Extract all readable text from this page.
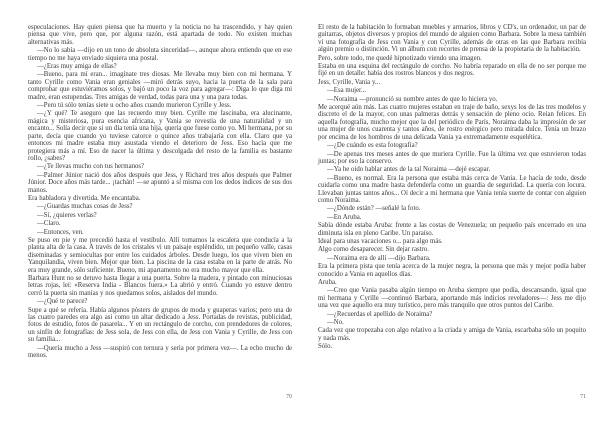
especulaciones. Hay quien piensa que ha muerto y la noticia no ha trascendido, y hay quien piensa que vive, pero que, por alguna razón, está apartada de todo. No existen muchas alternativas más.

—No lo sabía —dijo en un tono de absoluta sinceridad—, aunque ahora entiendo que en ese tiempo no me haya enviado siquiera una postal.

—¿Eras muy amiga de ellas?

—Bueno, para mí eran... imagínate tres diosas. Me llevaba muy bien con mi hermana. Y tanto Cyrille como Vania eran geniales —miró detrás suyo, hacia la puerta de la sala para comprobar que estuviéramos solos, y bajó un poco la voz para agregar—: Diga lo que diga mi madre, eran estupendas. Tres amigas de verdad, todas para una y una para todas.

—Pero tú sólo tenías siete u ocho años cuando murieron Cyrille y Jess.

—¿Y qué? Te aseguro que las recuerdo muy bien. Cyrille me fascinaba, era alucinante, mágica y misteriosa, pura esencia africana, y Vania se revestía de una naturalidad y un encanto... Solía decir que si un día tenía una hija, quería que fuese como yo. Mi hermana, por su parte, decía que cuando yo tuviese catorce o quince años trabajaría con ella. Claro que ya entonces mi madre estaba muy asustada viendo el deterioro de Jess. Eso hacía que me protegiera más a mí. Eso de nacer la última y descolgada del resto de la familia es bastante rollo, ¿sabes?

—¿Te llevas mucho con tus hermanos?

—Palmer Júnior nació dos años después que Jess, y Richard tres años después que Palmer Júnior. Doce años más tarde... ¡tachán! —se apuntó a sí misma con los dedos índices de sus dos manos.

Era habladora y divertida. Me encantaba.

—¿Guardas muchas cosas de Jess?

—Sí, ¿quieres verlas?

—Claro.

—Entonces, ven.

Se puso en pie y me precedió hasta el vestíbulo. Allí tomamos la escalera que conducía a la planta alta de la casa. A través de los cristales vi un paisaje espléndido, un pequeño valle, casas diseminadas y semiocultas por entre los cuidados árboles. Desde luego, los que viven bien en Yanquilandia, viven bien. Mejor que bien. La piscina de la casa estaba en la parte de atrás. No era muy grande, sólo suficiente. Bueno, mi apartamento no era mucho mayor que ella.

Barbara Hunt no se detuvo hasta llegar a una puerta. Sobre la madera, y pintado con minuciosas letras rojas, leí: «Reserva India - Blancos fuera.» La abrió y entró. Cuando yo estuve dentro cerró la puerta sin manías y nos quedamos solos, aislados del mundo.

—¿Qué te parece?

Supe a qué se refería. Había algunos pósters de grupos de moda y guaperas varios; pero una de las cuatro paredes era algo así como un altar dedicado a Jess. Portadas de revistas, publicidad, fotos de estudio, fotos de pasarela... Y en un rectángulo de corcho, con prendedores de colores, un sinfín de fotografías: de Jess sola, de Jess con ella, de Jess con Vania y Cyrille, de Jess con su familia...

—Quería mucho a Jess —suspiró con ternura y seria por primera vez—. La echo mucho de menos.

El resto de la habitación lo formaban muebles y armarios, libros y CD's, un ordenador, un par de guitarras, objetos diversos y propios del mundo de alguien como Barbara. Sobre la mesa también vi una fotografía de Jess con Vania y con Cyrille, además de otras en las que Barbara recibía algún premio o distinción. Vi un álbum con recortes de prensa de la propietaria de la habitación.

Pero, sobre todo, me quedé hipnotizado viendo una imagen.

Estaba en una esquina del rectángulo de corcho. No habría reparado en ella de no ser porque me fijé en un detalle: había dos rostros blancos y dos negros.

Jess, Cyrille, Vania y...

—Esa mujer...

—Noraima —pronunció su nombre antes de que lo hiciera yo.

Me acerqué aún más. Las cuatro mujeres estaban en traje de baño, sexys los de las tres modelos y discreto el de la mayor, con unas palmeras detrás y sensación de pleno ocio. Reían felices. En aquella fotografía, mucho mejor que la del periódico de París, Noraima daba la impresión de ser una mujer de unos cuarenta y tantos años, de rostro enérgico pero mirada dulce. Tenía un brazo por encima de los hombros de una delicada Vania ya extremadamente esquelética.

—¿De cuándo es esta fotografía?

—De apenas tres meses antes de que muriera Cyrille. Fue la última vez que estuvieron todas juntas; por eso la conservo.

—Ya he oído hablar antes de la tal Noraima —dejé escapar.

—Bueno, es normal. Era la persona que estaba más cerca de Vania. Le hacía de todo, desde cuidarla como una madre hasta defenderla como un guardia de seguridad. La quería con locura. Llevaban juntas tantos años... Oí decir a mi hermana que Vania tenía suerte de contar con alguien como Noraima.

—¿Dónde están? —señalé la foto.

—En Aruba.

Sabía dónde estaba Aruba: frente a las costas de Venezuela; un pequeño país encerrado en una diminuta isla en pleno Caribe. Un paraíso.

Ideal para unas vacaciones o... para algo más.

Algo como desaparecer. Sin dejar rastro.

—Noraima era de allí —dijo Barbara.

Era la primera pista que tenía acerca de la mujer negra, la persona que más y mejor podía haber conocido a Vania en aquellos días.

Aruba.

—Creo que Vania pasaba algún tiempo en Aruba siempre que podía, descansando, igual que mi hermana y Cyrille —continuó Barbara, aportando más indicios reveladores—: Jess me dijo una vez que aquello era muy turístico, pero más tranquilo que otros puntos del Caribe.

—¿Recuerdas el apellido de Noraima?

—No.

Cada vez que tropezaba con algo relativo a la criada y amiga de Vania, escarbaba sólo un poquito y nada más.

Sólo.

70	71
